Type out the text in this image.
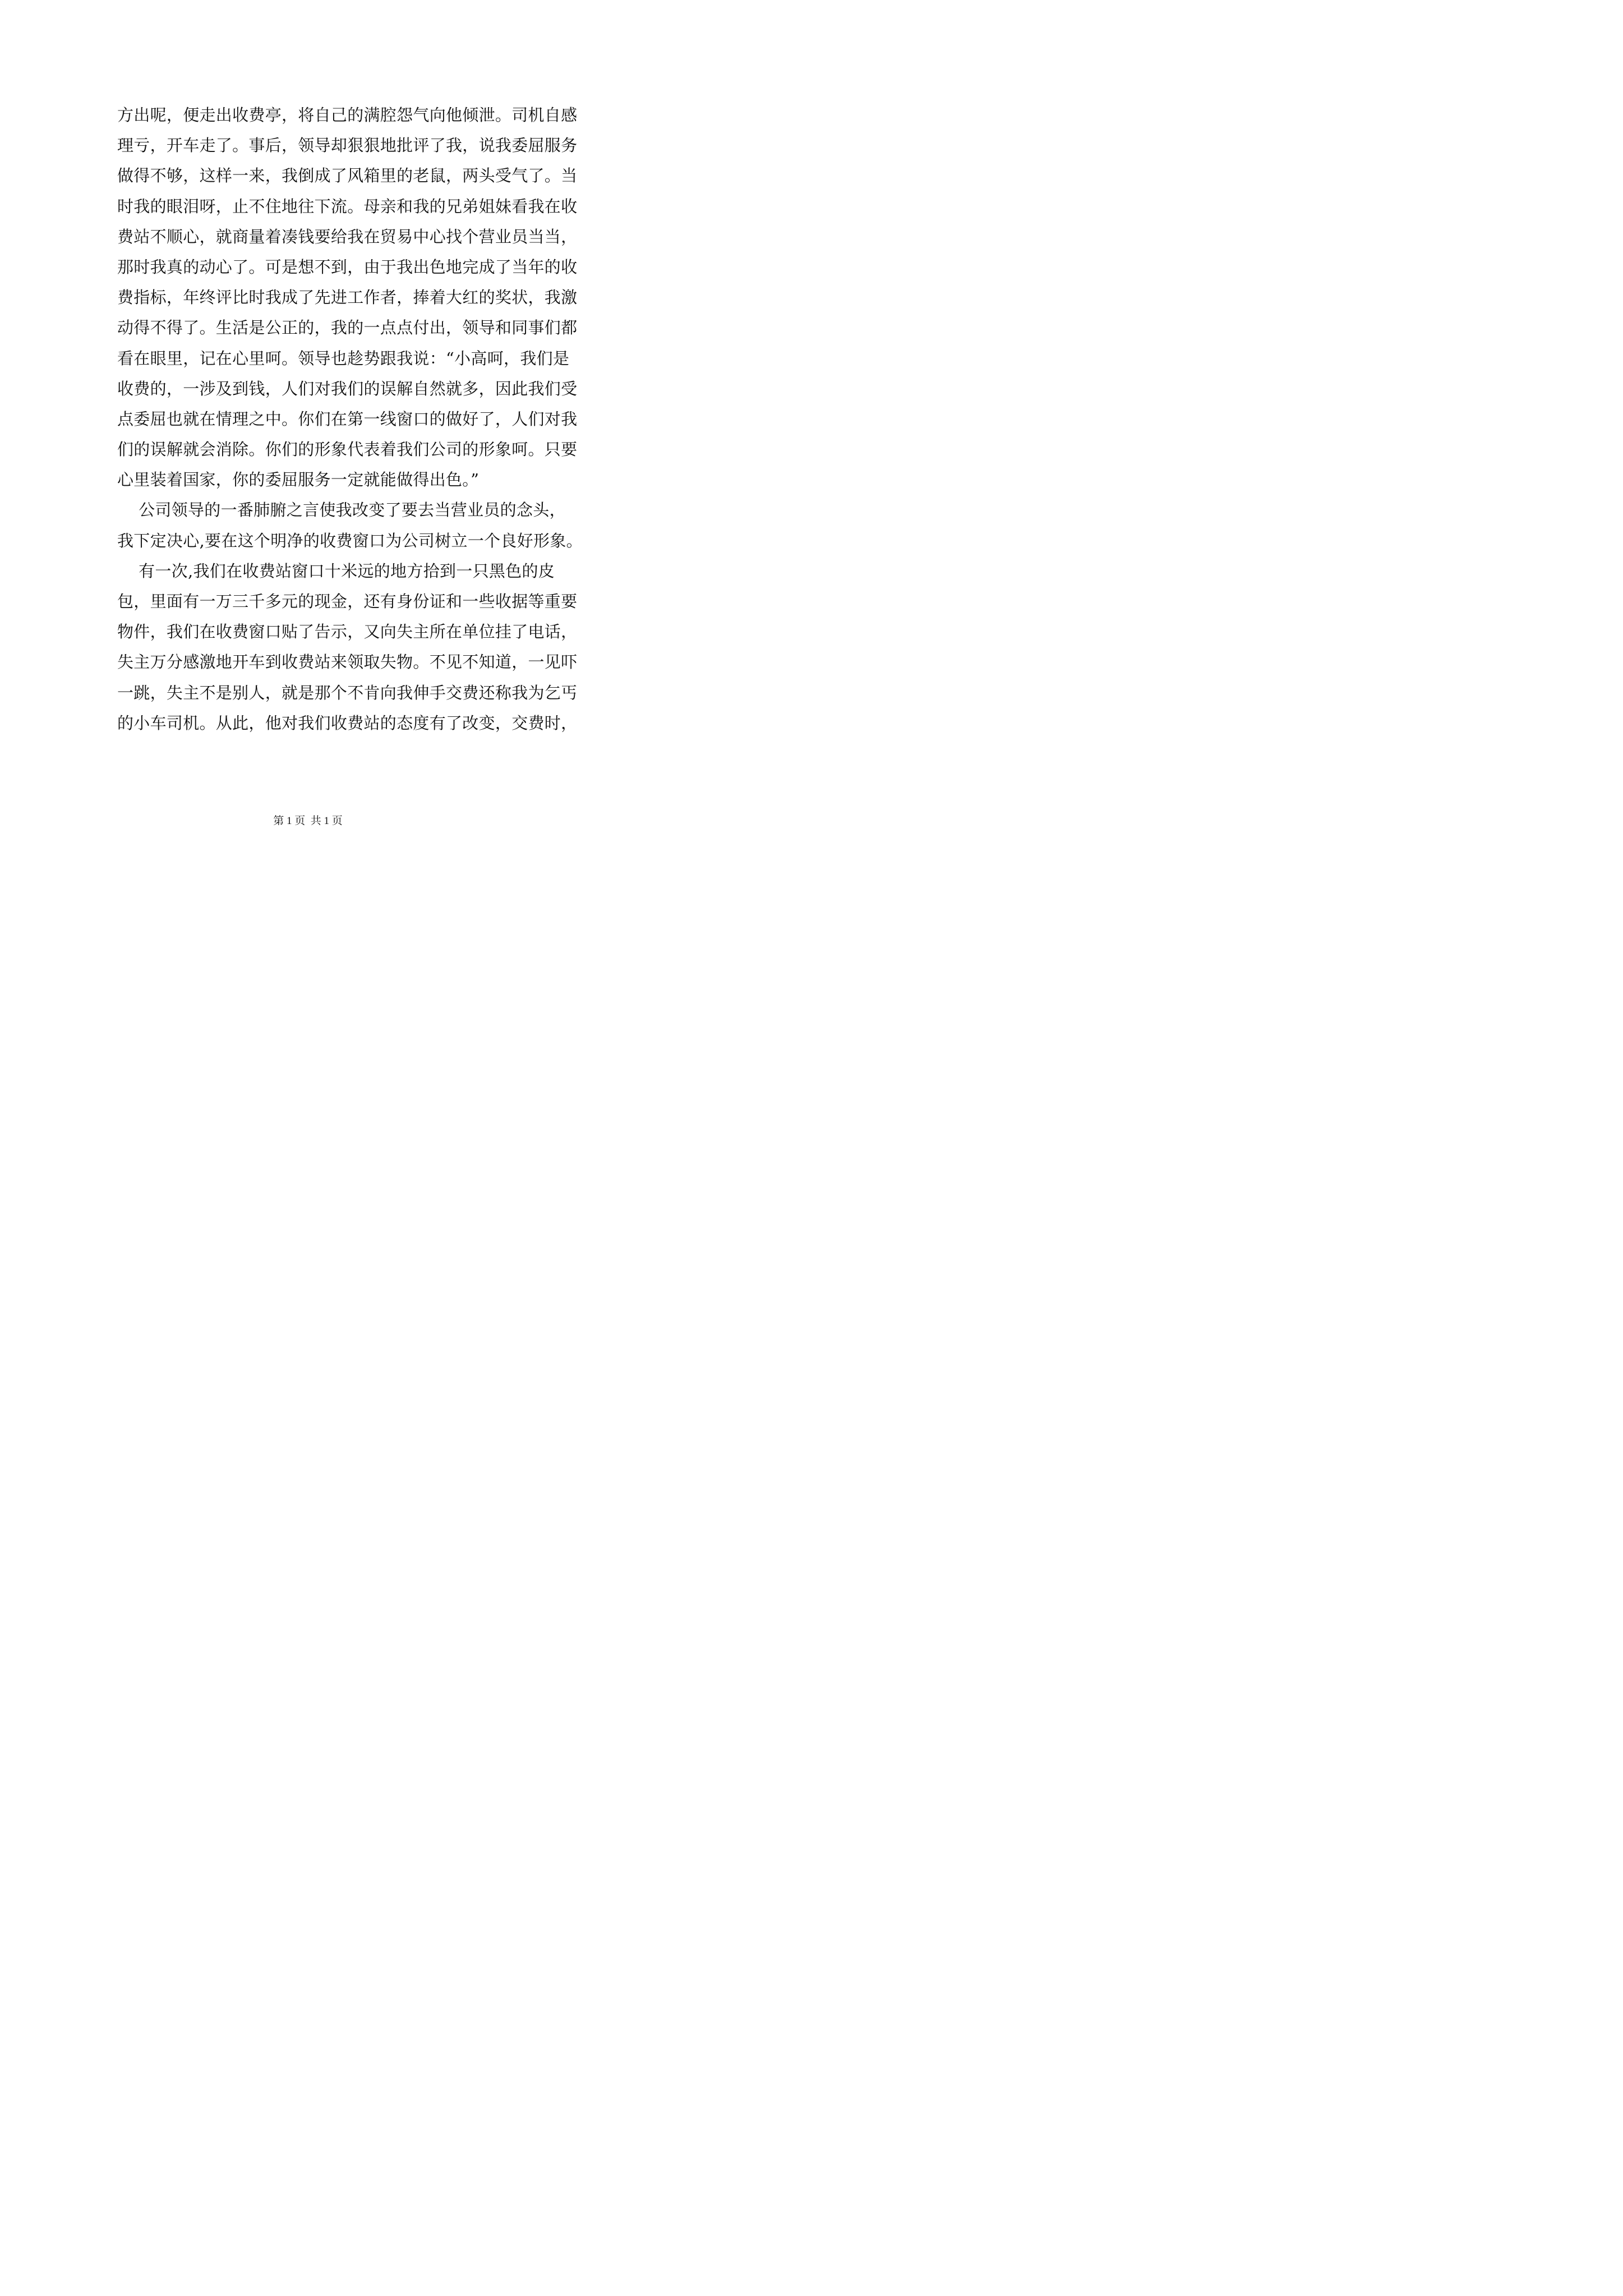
方出呢，便走出收费亭，将自己的满腔怨气向他倾泄。司机自感
理亏，开车走了。事后，领导却狠狠地批评了我，说我委屈服务
做得不够，这样一来，我倒成了风箱里的老鼠，两头受气了。当
时我的眼泪呀，止不住地往下流。母亲和我的兄弟姐妹看我在收
费站不顺心，就商量着凑钱要给我在贸易中心找个营业员当当，
那时我真的动心了。可是想不到，由于我出色地完成了当年的收
费指标，年终评比时我成了先进工作者，捧着大红的奖状，我激
动得不得了。生活是公正的，我的一点点付出，领导和同事们都
看在眼里，记在心里呵。领导也趁势跟我说：“小高呵，我们是
收费的，一涉及到钱，人们对我们的误解自然就多，因此我们受
点委屈也就在情理之中。你们在第一线窗口的做好了，人们对我
们的误解就会消除。你们的形象代表着我们公司的形象呵。只要
心里装着国家，你的委屈服务一定就能做得出色。”
公司领导的一番肺腑之言使我改变了要去当营业员的念头，
我下定决心,要在这个明净的收费窗口为公司树立一个良好形象。
有一次,我们在收费站窗口十米远的地方拾到一只黑色的皮
包，里面有一万三千多元的现金，还有身份证和一些收据等重要
物件，我们在收费窗口贴了告示，又向失主所在单位挂了电话，
失主万分感激地开车到收费站来领取失物。不见不知道，一见吓
一跳，失主不是别人，就是那个不肯向我伸手交费还称我为乞丐
的小车司机。从此，他对我们收费站的态度有了改变，交费时，
第 1 页  共 1 页
